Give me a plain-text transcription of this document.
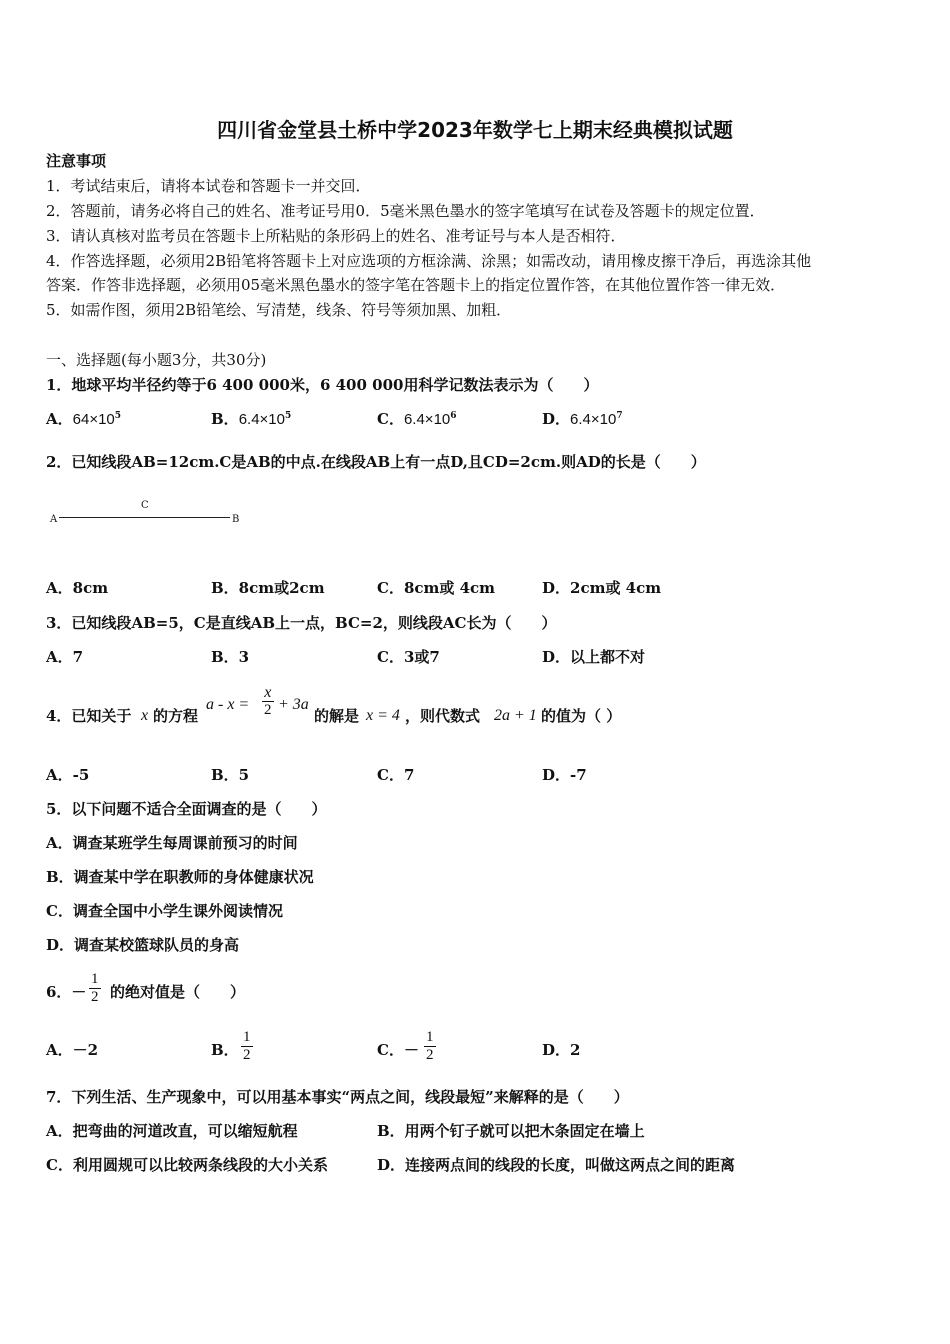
四川省金堂县土桥中学2023年数学七上期末经典模拟试题
注意事项
1．考试结束后，请将本试卷和答题卡一并交回．
2．答题前，请务必将自己的姓名、准考证号用0．5毫米黑色墨水的签字笔填写在试卷及答题卡的规定位置．
3．请认真核对监考员在答题卡上所粘贴的条形码上的姓名、准考证号与本人是否相符．
4．作答选择题，必须用2B铅笔将答题卡上对应选项的方框涂满、涂黑；如需改动，请用橡皮擦干净后，再选涂其他
答案．作答非选择题，必须用05毫米黑色墨水的签字笔在答题卡上的指定位置作答，在其他位置作答一律无效．
5．如需作图，须用2B铅笔绘、写清楚，线条、符号等须加黑、加粗．
一、选择题(每小题3分，共30分)
1．地球平均半径约等于6 400 000米，6 400 000用科学记数法表示为（　　）
A．$64\times 10^5$	B．$6.4\times 10^5$	C．$6.4\times 10^6$	D．$6.4\times 10^7$
2．已知线段AB=12cm.C是AB的中点.在线段AB上有一点D,且CD=2cm.则AD的长是（　　）
A
C
B
A．8cm	B．8cm或2cm	C．8cm或 4cm	D．2cm或 4cm
3．已知线段AB=5，C是直线AB上一点，BC=2，则线段AC长为（　　）
A．7	B．3	C．3或7	D．以上都不对
4．已知关于 x 的方程
$a - x = \frac{x}{2} + 3a$
的解是 x = 4 ，则代数式 2a + 1 的值为（ ）
A．-5	B．5	C．7	D．-7
5．以下问题不适合全面调查的是（　　）
A．调查某班学生每周课前预习的时间
B．调查某中学在职教师的身体健康状况
C．调查全国中小学生课外阅读情况
D．调查某校篮球队员的身高
6．－ $\frac{1}{2}$ 的绝对值是（　　）
A．－2	B． $\frac{1}{2}$	C．－ $\frac{1}{2}$	D．2
7．下列生活、生产现象中，可以用基本事实“两点之间，线段最短”来解释的是（　　）
A．把弯曲的河道改直，可以缩短航程	B．用两个钉子就可以把木条固定在墙上
C．利用圆规可以比较两条线段的大小关系	D．连接两点间的线段的长度，叫做这两点之间的距离
